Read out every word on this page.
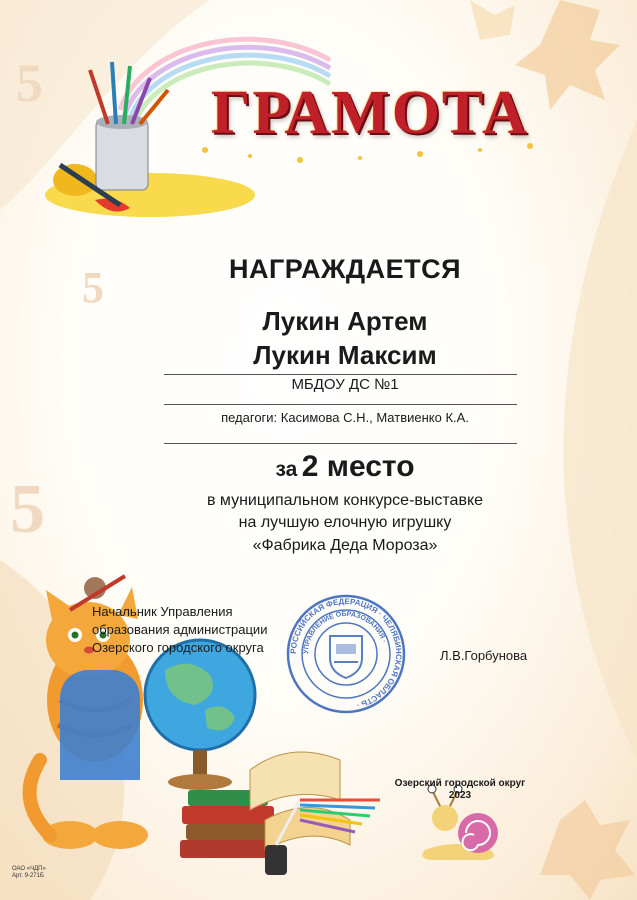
5
5
5
ГРАМОТА
НАГРАЖДАЕТСЯ
Лукин Артем
Лукин Максим
МБДОУ ДС №1
педагоги: Касимова С.Н., Матвиенко К.А.
за 2 место
в муниципальном конкурсе-выставке
на лучшую елочную игрушку
«Фабрика Деда Мороза»
Начальник Управления
образования администрации
Озерского городского округа
Л.В.Горбунова
РОССИЙСКАЯ ФЕДЕРАЦИЯ · ЧЕЛЯБИНСКАЯ ОБЛАСТЬ ·
УПРАВЛЕНИЕ ОБРАЗОВАНИЯ ·
Озерский городской округ
2023
ОАО «ЧДП»
Арт. 9-271Б
